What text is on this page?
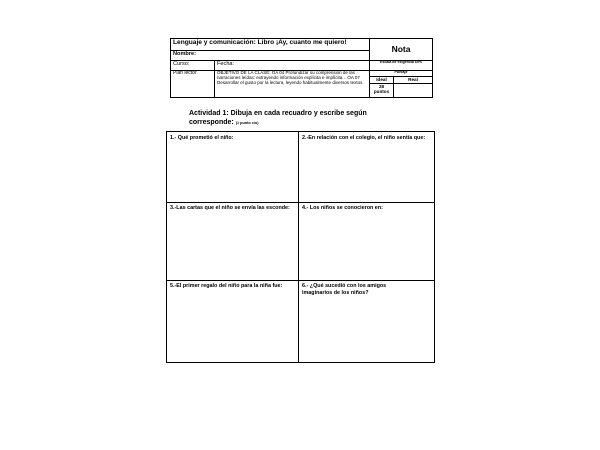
Lenguaje y comunicación: Libro ¡Ay, cuanto me quiero!		Nota	
Nombre:			
Curso:	Fecha:	Escala de exigencia 60%	
Plan lector	OBJETIVO DE LA CLASE: OA 04 Profundizar su comprensión de las narraciones leídas: extrayendo información explícita e implícita... OA 07 Desarrollar el gusto por la lectura, leyendo habitualmente diversos textos.	Puntaje	
		Ideal	Real
		28 puntos	
Actividad 1: Dibuja en cada recuadro y escribe según corresponde: (1 punto c/u)
1.- Qué prometió el niño:	2.-En relación con el colegio, el niño sentía que:
3.-Las cartas que el niño se envía las esconde:	4.- Los niños se conocieron en:
5.-El primer regalo del niño para la niña fue:	6.- ¿Qué sucedió con los amigos imaginarios de los niños?
